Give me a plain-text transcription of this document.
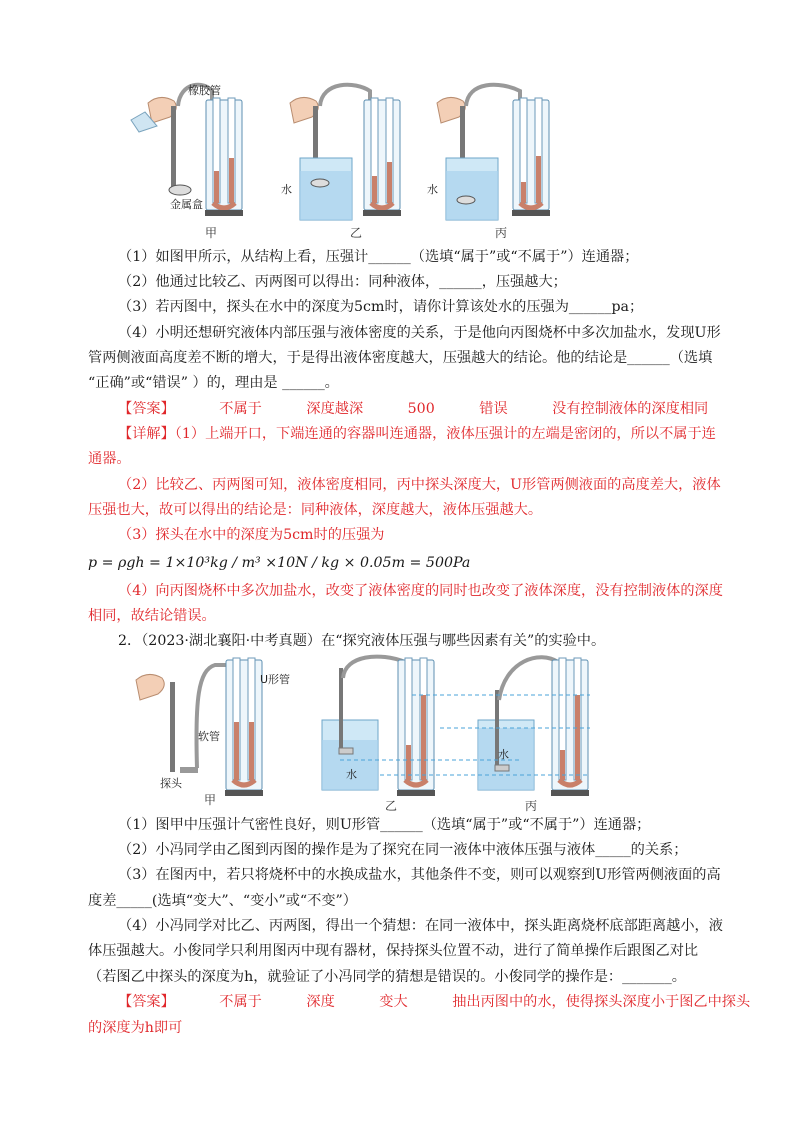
橡胶管
金属盒
水	水
甲	乙	丙
（1）如图甲所示，从结构上看，压强计______（选填“属于”或“不属于”）连通器；
（2）他通过比较乙、丙两图可以得出：同种液体，______，压强越大；
（3）若丙图中，探头在水中的深度为5cm时，请你计算该处水的压强为______pa；
（4）小明还想研究液体内部压强与液体密度的关系，于是他向丙图烧杯中多次加盐水，发现U形
管两侧液面高度差不断的增大，于是得出液体密度越大，压强越大的结论。他的结论是______（选填
“正确”或“错误” ）的，理由是 ______。
【答案】	不属于	深度越深	500	错误	没有控制液体的深度相同
【详解】（1）上端开口，下端连通的容器叫连通器，液体压强计的左端是密闭的，所以不属于连
通器。
（2）比较乙、丙两图可知，液体密度相同，丙中探头深度大，U形管两侧液面的高度差大，液体
压强也大，故可以得出的结论是：同种液体，深度越大，液体压强越大。
（3）探头在水中的深度为5cm时的压强为
p = ρgh = 1×10³kg / m³ ×10N / kg × 0.05m = 500Pa
（4）向丙图烧杯中多次加盐水，改变了液体密度的同时也改变了液体深度，没有控制液体的深度
相同，故结论错误。
2．（2023·湖北襄阳·中考真题）在“探究液体压强与哪些因素有关”的实验中。
U形管
软管
探头
水
水
甲	乙	丙
（1）图甲中压强计气密性良好，则U形管______（选填“属于”或“不属于”）连通器；
（2）小冯同学由乙图到丙图的操作是为了探究在同一液体中液体压强与液体_____的关系；
（3）在图丙中，若只将烧杯中的水换成盐水，其他条件不变，则可以观察到U形管两侧液面的高
度差_____(选填“变大”、“变小”或“不变”）
（4）小冯同学对比乙、丙两图，得出一个猜想：在同一液体中，探头距离烧杯底部距离越小，液
体压强越大。小俊同学只利用图丙中现有器材，保持探头位置不动，进行了简单操作后跟图乙对比
（若图乙中探头的深度为h，就验证了小冯同学的猜想是错误的。小俊同学的操作是：_______。
【答案】	不属于	深度	变大	抽出丙图中的水，使得探头深度小于图乙中探头
的深度为h即可
